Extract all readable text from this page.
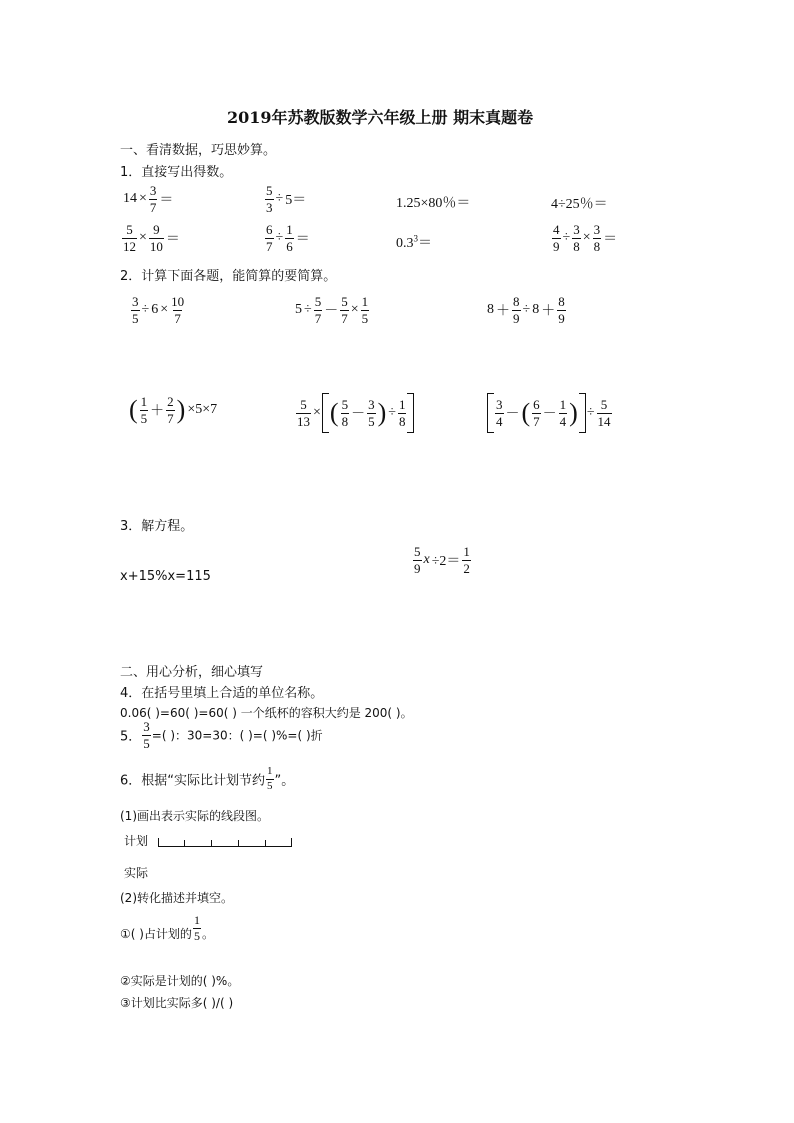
2019年苏教版数学六年级上册 期末真题卷
一、看清数据，巧思妙算。
1．直接写出得数。
$14 \times \frac{3}{7}$ ＝	$\frac{5}{3} \div 5=$	1.25×80％＝	4÷25％＝
$\frac{5}{12} \times \frac{9}{10}$ ＝	$\frac{6}{7} \div \frac{1}{6}$ ＝	$0.3^3=$	$\frac{4}{9} \div \frac{3}{8} \times \frac{3}{8}$ ＝
2．计算下面各题，能简算的要简算。
$\frac{3}{5} \div 6 \times \frac{10}{7}$	$5 \div \frac{5}{7} - \frac{5}{7} \times \frac{1}{5}$	$8 + \frac{8}{9} \div 8 + \frac{8}{9}$
( $\frac{1}{5} + \frac{2}{7}$ ) ×5×7	$\frac{5}{13}$ × ( $\frac{5}{8} - \frac{3}{5}$ ) ÷ $\frac{1}{8}$	$\frac{3}{4}$ －( $\frac{6}{7} - \frac{1}{4}$ ) ÷ $\frac{5}{14}$
3．解方程。
x+15%x=115
$\frac{5}{9}$ $x \div 2= \frac{1}{2}$
二、用心分析，细心填写
4．在括号里填上合适的单位名称。
0.06( )=60( )=60( ) 一个纸杯的容积大约是 200( )。
5． $\frac{3}{5}$ =( )：30=30：( )=( )%=( )折
6．根据“实际比计划节约 $\frac{1}{5}$ ”。
(1)画出表示实际的线段图。
计划
实际
(2)转化描述并填空。
①( )占计划的 $\frac{1}{5}$ 。
②实际是计划的( )%。
③计划比实际多( )/( )
